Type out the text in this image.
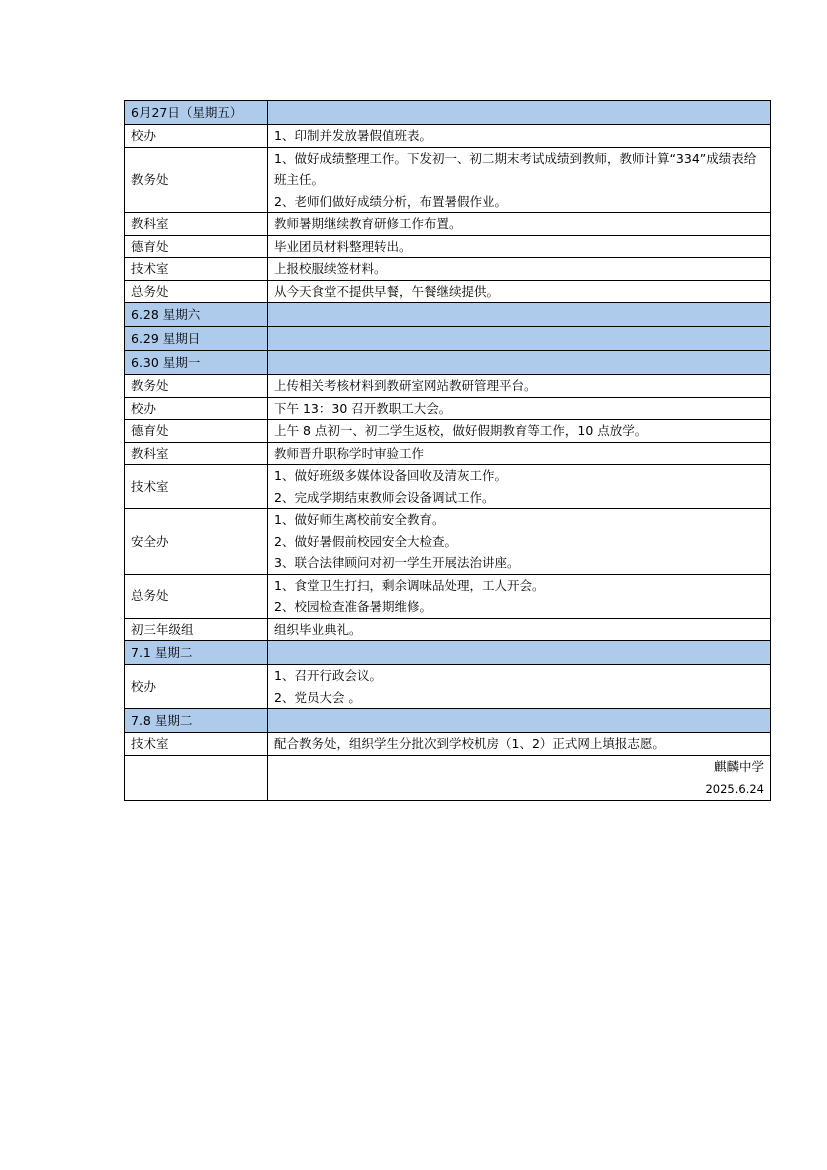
6月27日（星期五）	
校办	1、印制并发放暑假值班表。

教务处	1、做好成绩整理工作。下发初一、初二期末考试成绩到教师，教师计算“334”成绩表给班主任。
2、老师们做好成绩分析，布置暑假作业。

教科室	教师暑期继续教育研修工作布置。

德育处	毕业团员材料整理转出。

技术室	上报校服续签材料。

总务处	从今天食堂不提供早餐，午餐继续提供。

6.28 星期六	
6.29 星期日	
6.30 星期一	
教务处	上传相关考核材料到教研室网站教研管理平台。

校办	下午 13：30 召开教职工大会。

德育处	上午 8 点初一、初二学生返校，做好假期教育等工作，10 点放学。

教科室	教师晋升职称学时审验工作

技术室	1、做好班级多媒体设备回收及清灰工作。
2、完成学期结束教师会设备调试工作。

安全办	1、做好师生离校前安全教育。
2、做好暑假前校园安全大检查。
3、联合法律顾问对初一学生开展法治讲座。

总务处	1、食堂卫生打扫，剩余调味品处理，工人开会。
2、校园检查准备暑期维修。

初三年级组	组织毕业典礼。

7.1 星期二	
校办	1、召开行政会议。
2、党员大会 。

7.8 星期二	
技术室	配合教务处，组织学生分批次到学校机房（1、2）正式网上填报志愿。

	麒麟中学
2025.6.24
